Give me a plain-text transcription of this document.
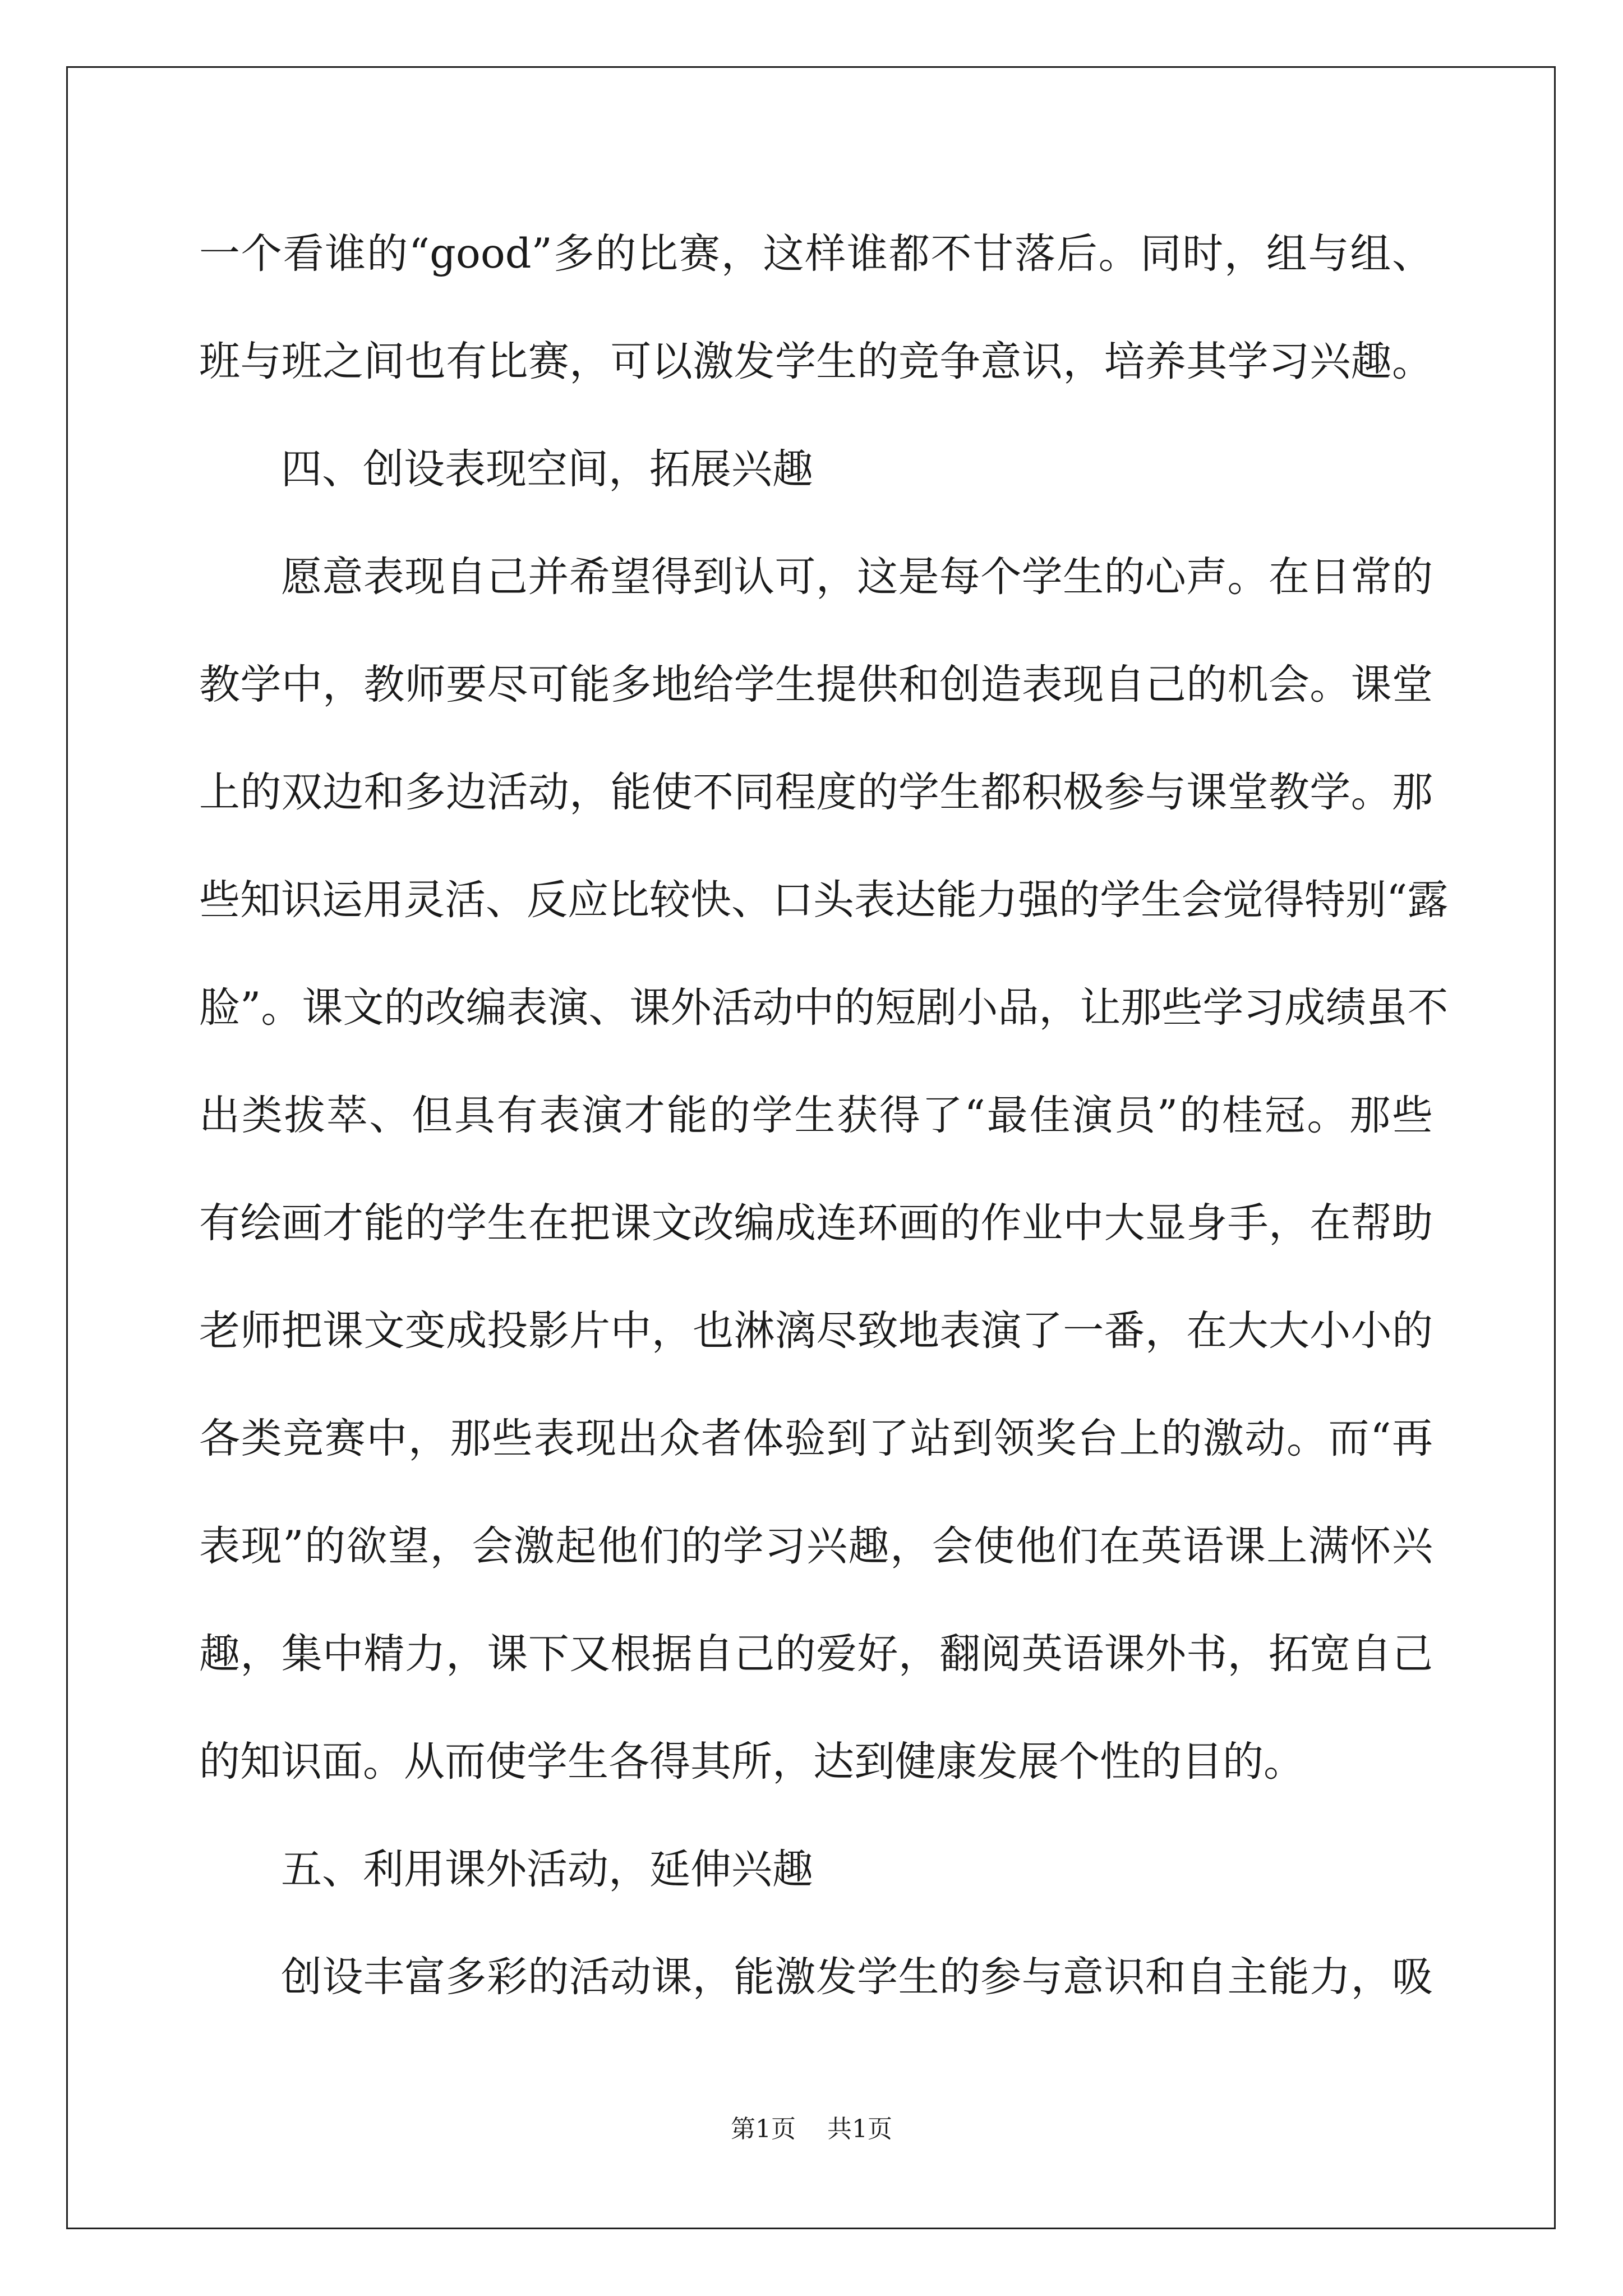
一个看谁的“good”多的比赛，这样谁都不甘落后。同时，组与组、
班与班之间也有比赛，可以激发学生的竞争意识，培养其学习兴趣。
四、创设表现空间，拓展兴趣
愿意表现自己并希望得到认可，这是每个学生的心声。在日常的
教学中，教师要尽可能多地给学生提供和创造表现自己的机会。课堂
上的双边和多边活动，能使不同程度的学生都积极参与课堂教学。那
些知识运用灵活、反应比较快、口头表达能力强的学生会觉得特别“露
脸”。课文的改编表演、课外活动中的短剧小品，让那些学习成绩虽不
出类拔萃、但具有表演才能的学生获得了“最佳演员”的桂冠。那些
有绘画才能的学生在把课文改编成连环画的作业中大显身手，在帮助
老师把课文变成投影片中，也淋漓尽致地表演了一番，在大大小小的
各类竞赛中，那些表现出众者体验到了站到领奖台上的激动。而“再
表现”的欲望，会激起他们的学习兴趣，会使他们在英语课上满怀兴
趣，集中精力，课下又根据自己的爱好，翻阅英语课外书，拓宽自己
的知识面。从而使学生各得其所，达到健康发展个性的目的。
五、利用课外活动，延伸兴趣
创设丰富多彩的活动课，能激发学生的参与意识和自主能力，吸
第1页 共1页
